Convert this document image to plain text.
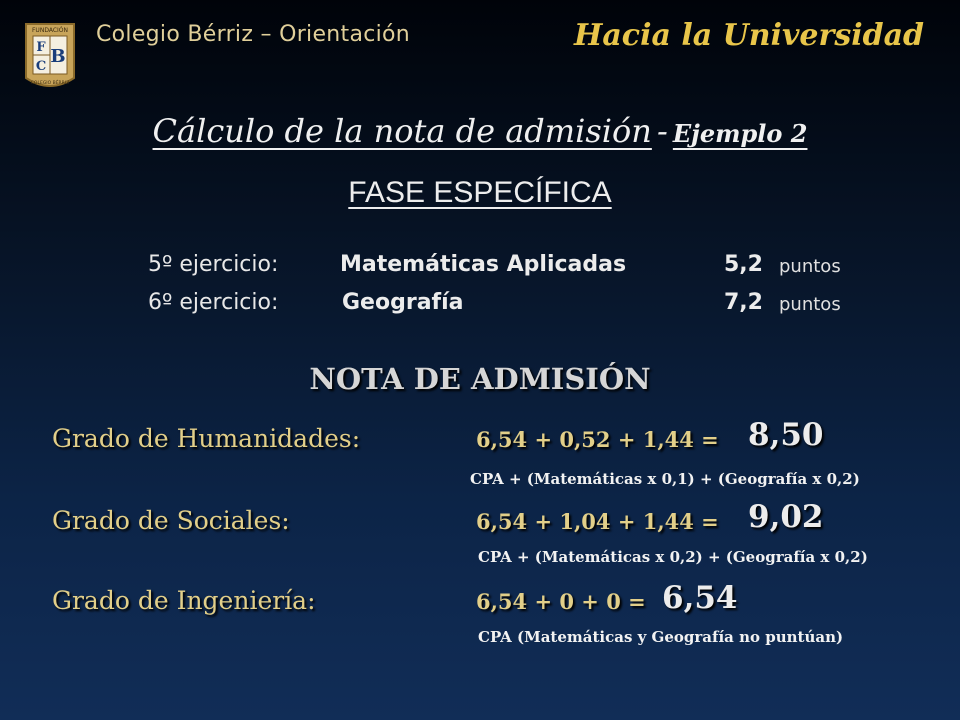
FUNDACIÓN
F B
C
COLEGIO BÉRRIZ
Colegio Bérriz – Orientación	Hacia la Universidad
Cálculo de la nota de admisión - Ejemplo 2
FASE ESPECÍFICA
5º ejercicio:	Matemáticas Aplicadas	5,2 puntos
6º ejercicio:	Geografía	7,2 puntos
NOTA DE ADMISIÓN
Grado de Humanidades:	6,54 + 0,52 + 1,44 = 8,50
CPA + (Matemáticas x 0,1) + (Geografía x 0,2)
Grado de Sociales:	6,54 + 1,04 + 1,44 = 9,02
CPA + (Matemáticas x 0,2) + (Geografía x 0,2)
Grado de Ingeniería:	6,54 + 0 + 0 = 6,54
CPA (Matemáticas y Geografía no puntúan)
